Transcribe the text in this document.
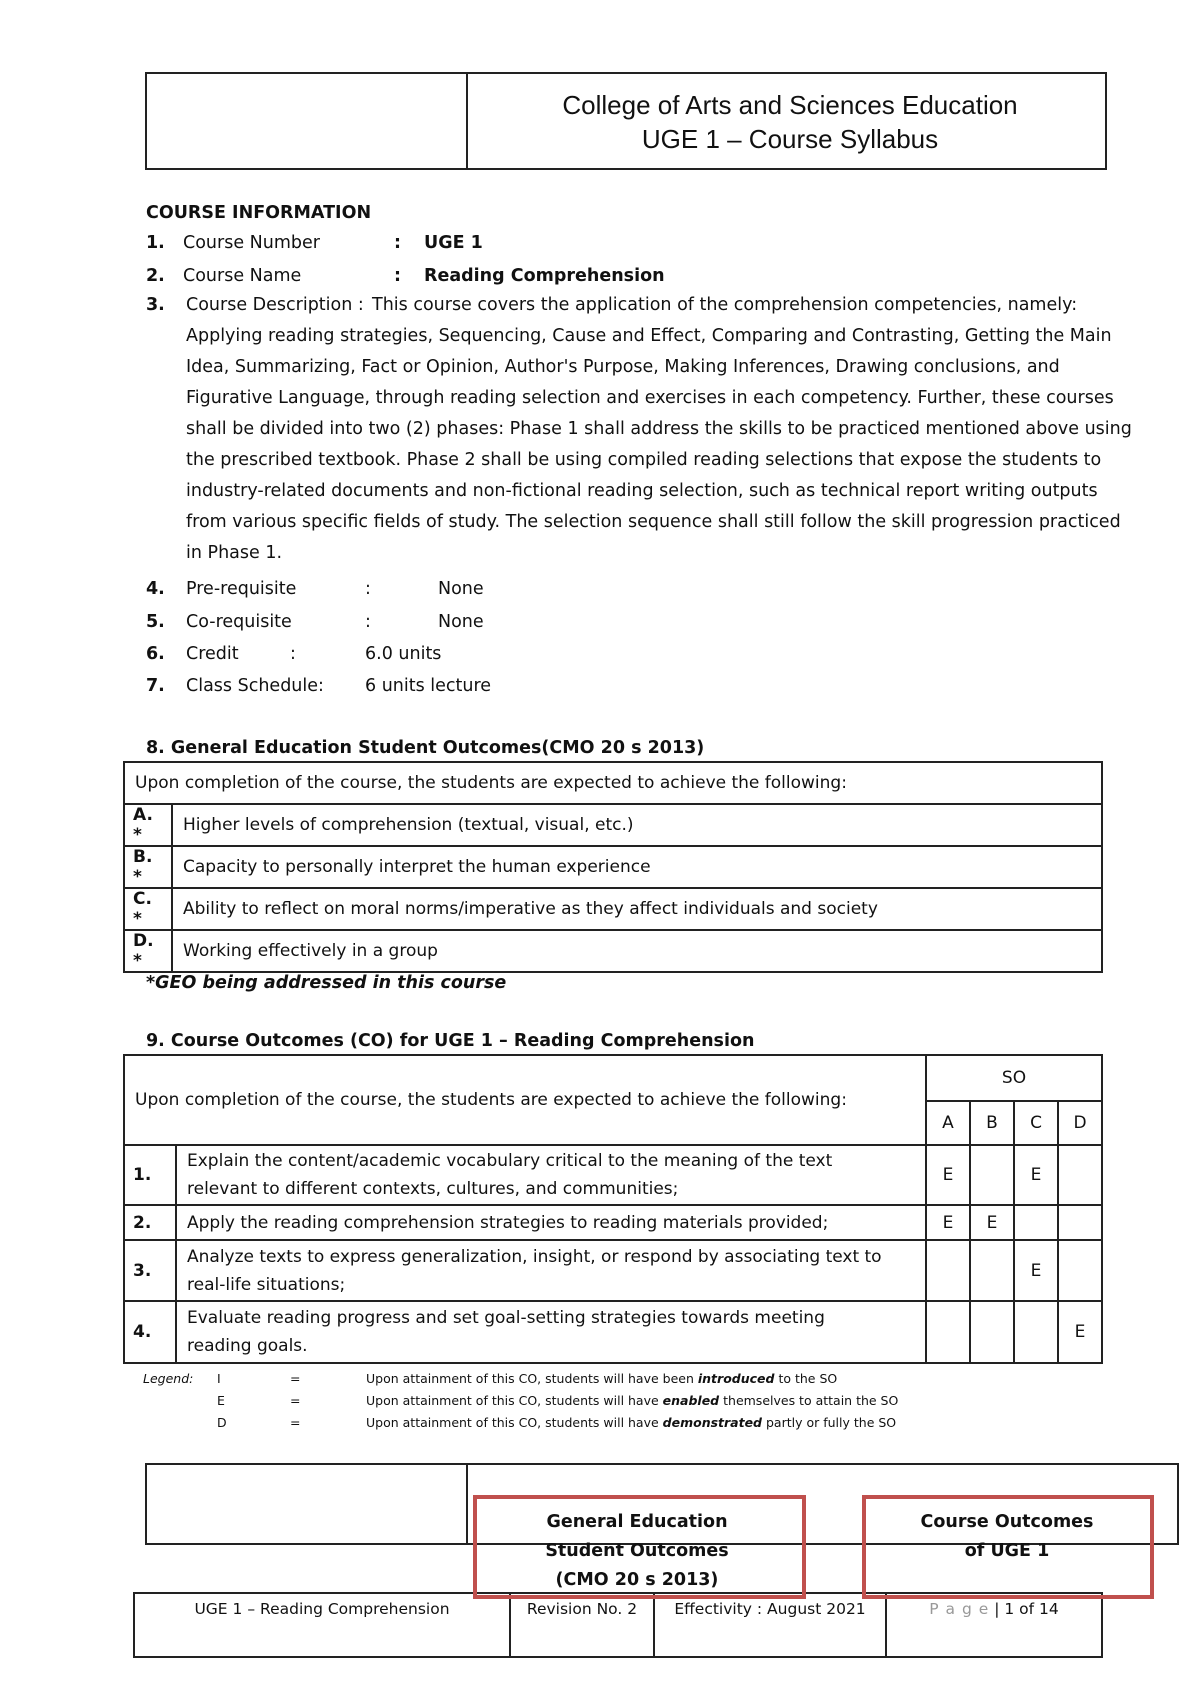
College of Arts and Sciences Education
UGE 1 – Course Syllabus
COURSE INFORMATION
1. Course Number	: UGE 1
2. Course Name	: Reading Comprehension
3. Course Description : This course covers the application of the comprehension competencies, namely:
Applying reading strategies, Sequencing, Cause and Effect, Comparing and Contrasting, Getting the Main
Idea, Summarizing, Fact or Opinion, Author's Purpose, Making Inferences, Drawing conclusions, and
Figurative Language, through reading selection and exercises in each competency. Further, these courses
shall be divided into two (2) phases: Phase 1 shall address the skills to be practiced mentioned above using
the prescribed textbook. Phase 2 shall be using compiled reading selections that expose the students to
industry-related documents and non-fictional reading selection, such as technical report writing outputs
from various specific fields of study. The selection sequence shall still follow the skill progression practiced
in Phase 1.
4. Pre-requisite	:	None
5. Co-requisite	:	None
6. Credit	:	6.0 units
7. Class Schedule: 6 units lecture
8. General Education Student Outcomes(CMO 20 s 2013)
Upon completion of the course, the students are expected to achieve the following:	
A. *	Higher levels of comprehension (textual, visual, etc.)
B. *	Capacity to personally interpret the human experience
C. *	Ability to reflect on moral norms/imperative as they affect individuals and society
D. *	Working effectively in a group
*GEO being addressed in this course
9. Course Outcomes (CO) for UGE 1 – Reading Comprehension
Upon completion of the course, the students are expected to achieve the following:		SO			
		A	B	C	D
1.	Explain the content/academic vocabulary critical to the meaning of the text
relevant to different contexts, cultures, and communities;	E		E	
2.	Apply the reading comprehension strategies to reading materials provided;	E	E		
3.	Analyze texts to express generalization, insight, or respond by associating text to
real-life situations;			E	
4.	Evaluate reading progress and set goal-setting strategies towards meeting
reading goals.				E
Legend: I	=	Upon attainment of this CO, students will have been introduced to the SO
E	=	Upon attainment of this CO, students will have enabled themselves to attain the SO
D	=	Upon attainment of this CO, students will have demonstrated partly or fully the SO
General Education
Student Outcomes
(CMO 20 s 2013)
Course Outcomes
of UGE 1
UGE 1 – Reading Comprehension	Revision No. 2	Effectivity : August 2021	P a g e | 1 of 14
